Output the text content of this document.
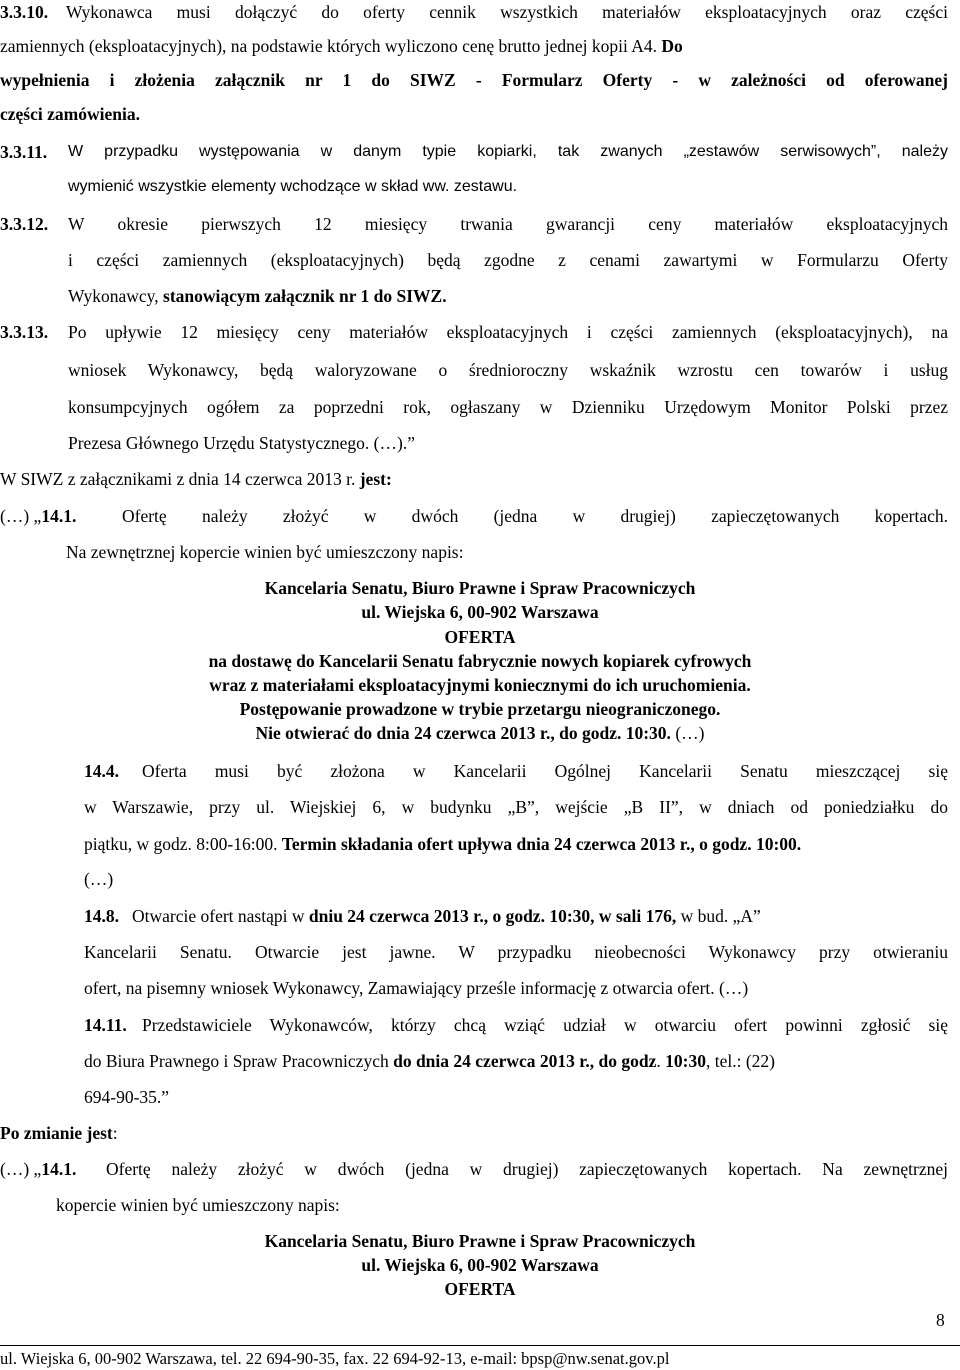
3.3.10. Wykonawca musi dołączyć do oferty cennik wszystkich materiałów eksploatacyjnych oraz części
zamiennych (eksploatacyjnych), na podstawie których wyliczono cenę brutto jednej kopii A4. Do
wypełnienia i złożenia załącznik nr 1 do SIWZ - Formularz Oferty - w zależności od oferowanej
części zamówienia.
3.3.11. W przypadku występowania w danym typie kopiarki, tak zwanych „zestawów serwisowych”, należy
wymienić wszystkie elementy wchodzące w skład ww. zestawu.
3.3.12. W okresie pierwszych 12 miesięcy trwania gwarancji ceny materiałów eksploatacyjnych
i części zamiennych (eksploatacyjnych) będą zgodne z cenami zawartymi w Formularzu Oferty
Wykonawcy, stanowiącym załącznik nr 1 do SIWZ.
3.3.13. Po upływie 12 miesięcy ceny materiałów eksploatacyjnych i części zamiennych (eksploatacyjnych), na
wniosek Wykonawcy, będą waloryzowane o średnioroczny wskaźnik wzrostu cen towarów i usług
konsumpcyjnych ogółem za poprzedni rok, ogłaszany w Dzienniku Urzędowym Monitor Polski przez
Prezesa Głównego Urzędu Statystycznego. (…).”
W SIWZ z załącznikami z dnia 14 czerwca 2013 r. jest:
(…) „14.1.	Ofertę należy złożyć w dwóch (jedna w drugiej) zapieczętowanych kopertach.
Na zewnętrznej kopercie winien być umieszczony napis:
Kancelaria Senatu, Biuro Prawne i Spraw Pracowniczych
ul. Wiejska 6, 00-902 Warszawa
OFERTA
na dostawę do Kancelarii Senatu fabrycznie nowych kopiarek cyfrowych
wraz z materiałami eksploatacyjnymi koniecznymi do ich uruchomienia.
Postępowanie prowadzone w trybie przetargu nieograniczonego.
Nie otwierać do dnia 24 czerwca 2013 r., do godz. 10:30. (…)
14.4. Oferta musi być złożona w Kancelarii Ogólnej Kancelarii Senatu mieszczącej się
w Warszawie, przy ul. Wiejskiej 6, w budynku „B”, wejście „B II”, w dniach od poniedziałku do
piątku, w godz. 8:00-16:00. Termin składania ofert upływa dnia 24 czerwca 2013 r., o godz. 10:00.
(…)
14.8. Otwarcie ofert nastąpi w dniu 24 czerwca 2013 r., o godz. 10:30, w sali 176, w bud. „A”
Kancelarii Senatu. Otwarcie jest jawne. W przypadku nieobecności Wykonawcy przy otwieraniu
ofert, na pisemny wniosek Wykonawcy, Zamawiający prześle informację z otwarcia ofert. (…)
14.11. Przedstawiciele Wykonawców, którzy chcą wziąć udział w otwarciu ofert powinni zgłosić się
do Biura Prawnego i Spraw Pracowniczych do dnia 24 czerwca 2013 r., do godz. 10:30, tel.: (22)
694-90-35.”
Po zmianie jest:
(…) „14.1. Ofertę należy złożyć w dwóch (jedna w drugiej) zapieczętowanych kopertach. Na zewnętrznej
kopercie winien być umieszczony napis:
Kancelaria Senatu, Biuro Prawne i Spraw Pracowniczych
ul. Wiejska 6, 00-902 Warszawa
OFERTA
8
ul. Wiejska 6, 00-902 Warszawa, tel. 22 694-90-35, fax. 22 694-92-13, e-mail: bpsp@nw.senat.gov.pl
